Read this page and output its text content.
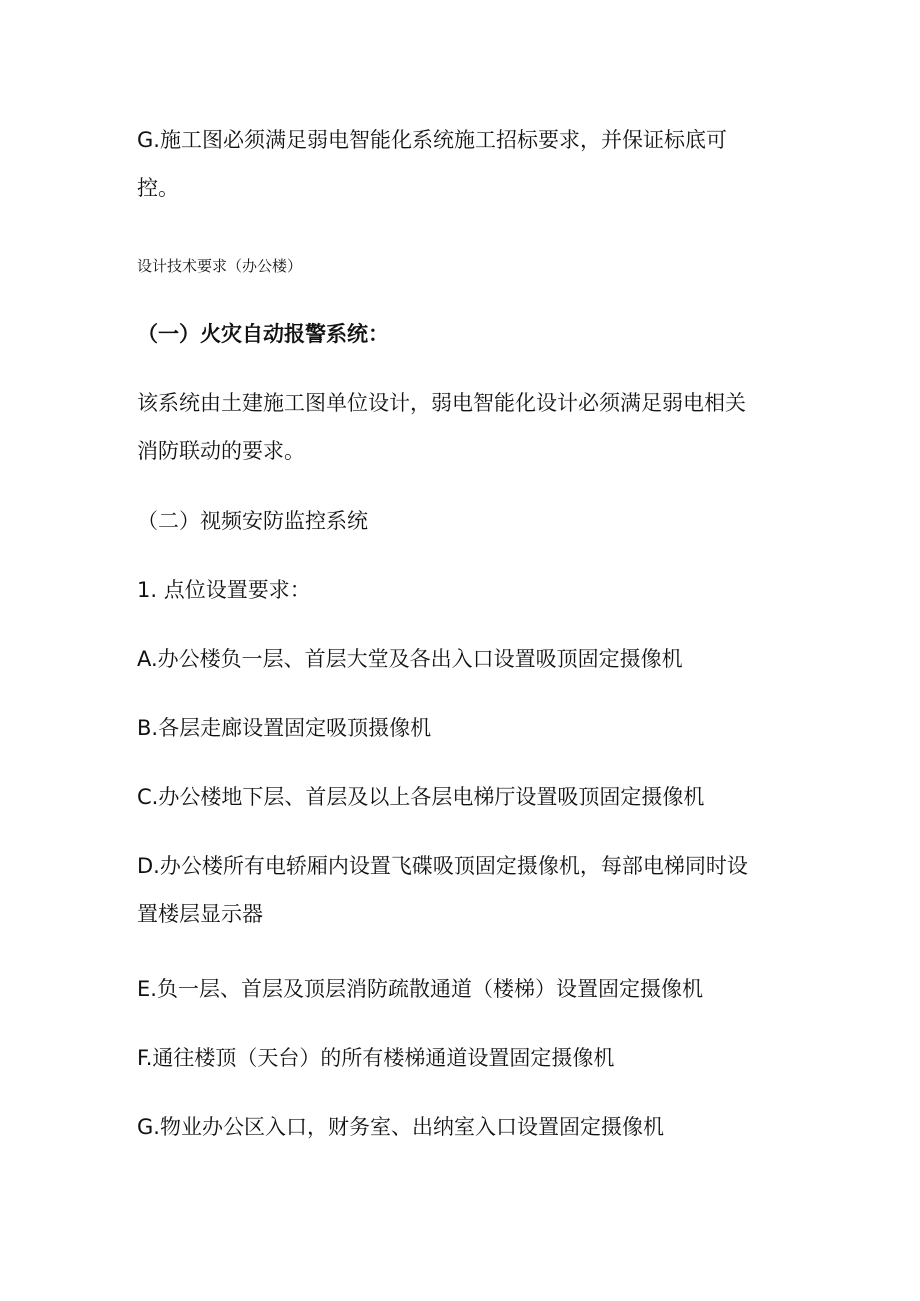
G.施工图必须满足弱电智能化系统施工招标要求，并保证标底可
控。
设计技术要求（办公楼）
（一）火灾自动报警系统：
该系统由土建施工图单位设计，弱电智能化设计必须满足弱电相关
消防联动的要求。
（二）视频安防监控系统
1. 点位设置要求：
A.办公楼负一层、首层大堂及各出入口设置吸顶固定摄像机
B.各层走廊设置固定吸顶摄像机
C.办公楼地下层、首层及以上各层电梯厅设置吸顶固定摄像机
D.办公楼所有电轿厢内设置飞碟吸顶固定摄像机，每部电梯同时设
置楼层显示器
E.负一层、首层及顶层消防疏散通道（楼梯）设置固定摄像机
F.通往楼顶（天台）的所有楼梯通道设置固定摄像机
G.物业办公区入口，财务室、出纳室入口设置固定摄像机
